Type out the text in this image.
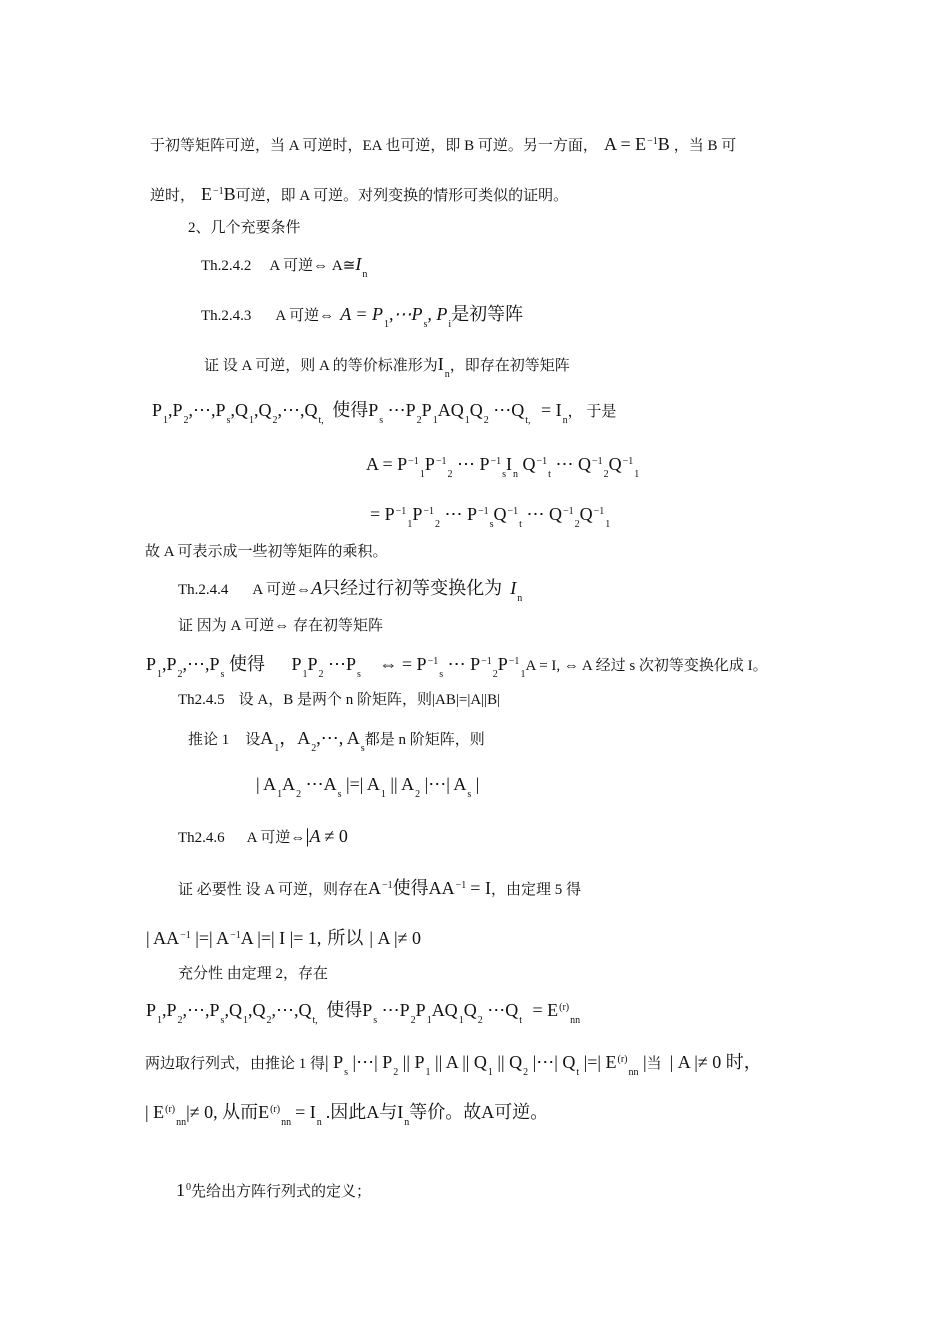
于初等矩阵可逆，当 A 可逆时，EA 也可逆，即 B 可逆。另一方面， $A = E^{-1}B$ ，当 B 可
逆时， $E^{-1}B$可逆，即 A 可逆。对列变换的情形可类似的证明。
2、几个充要条件
Th.2.4.2 A 可逆⇔ $A≅I_n$
Th.2.4.3 A 可逆⇔ $A = P_1,\cdots P_s$, $P_i$是初等阵
证 设 A 可逆，则 A 的等价标准形为$I_n$，即存在初等矩阵
$P_1,P_2,\cdots,P_s,Q_1,Q_2,\cdots,Q_{t,}$ 使得$P_s$ $\cdots P_2P_1AQ_1Q_2$ $\cdots Q_{t,} = I_n$， 于是
$A = P^{-1}_1P^{-1}_2$ ⋯ $P^{-1}_sI_n$ $Q^{-1}_t$ ⋯ $Q^{-1}_2Q^{-1}_1$
= $P^{-1}_1P^{-1}_2$ ⋯ $P^{-1}_sQ^{-1}_t$ ⋯ $Q^{-1}_2Q^{-1}_1$
故 A 可表示成一些初等矩阵的乘积。
Th.2.4.4 A 可逆⇔A只经过行初等变换化为 $I_n$
证 因为 A 可逆⇔ 存在初等矩阵
$P_1,P_2,\cdots,P_s$ 使得 $P_1P_2$ $\cdots P_s$ ⇔ = $P^{-1}_s$ ⋯ $P^{-1}_2P^{-1}_1A = I$, ⇔ A 经过 s 次初等变换化成 I。
Th2.4.5 设 A，B 是两个 n 阶矩阵，则|AB|=|A||B|
推论 1 设$A_1$，$A_2,\cdots$, $A_s$都是 n 阶矩阵，则
| $A_1A_2$ $\cdots A_s$ |=| $A_1$ || $A_2$ |⋯| $A_s$ |
Th2.4.6 A 可逆⇔|A ≠ 0
证 必要性 设 A 可逆，则存在$A^{-1}$使得$AA^{-1} = I$，由定理 5 得
| $AA^{-1}$ |=| $A^{-1}A$ |=| I |= 1, 所以 | A |≠ 0
充分性 由定理 2，存在
$P_1,P_2,\cdots,P_s,Q_1,Q_2,\cdots,Q_{t,}$ 使得$P_s$ $\cdots P_2P_1AQ_1Q_2$ $\cdots Q_t = E^{(r)}_{nn}$
两边取行列式，由推论 1 得| $P_s$ |⋯| $P_2$ || $P_1$ || A || $Q_1$ || $Q_2$ |⋯| $Q_t$ |=| $E^{(r)}_{nn}$ |当 | A |≠ 0 时，
| $E^{(r)}_{nn}|\ne 0$, 从而$E^{(r)}_{nn}= I_n$.因此A与$I_n$等价。故A可逆。
$1^0$先给出方阵行列式的定义；
